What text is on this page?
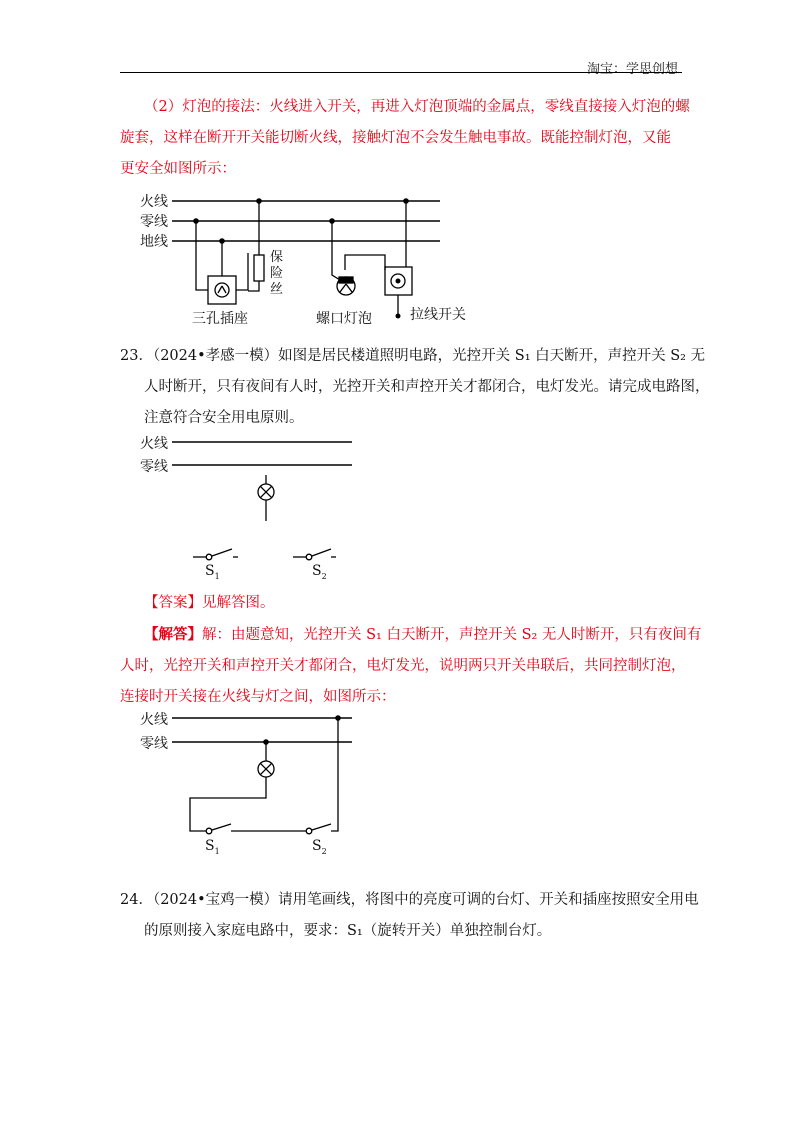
淘宝：学思创想
（2）灯泡的接法：火线进入开关，再进入灯泡顶端的金属点，零线直接接入灯泡的螺
旋套，这样在断开开关能切断火线，接触灯泡不会发生触电事故。既能控制灯泡，又能
更安全如图所示：
火线
零线
地线
保
险
丝
三孔插座	螺口灯泡	拉线开关
23．（2024•孝感一模）如图是居民楼道照明电路，光控开关 S₁ 白天断开，声控开关 S₂ 无
人时断开，只有夜间有人时，光控开关和声控开关才都闭合，电灯发光。请完成电路图，
注意符合安全用电原则。
火线
零线
$S_1$	$S_2$
【答案】见解答图。
【解答】解：由题意知，光控开关 S₁ 白天断开，声控开关 S₂ 无人时断开，只有夜间有
人时，光控开关和声控开关才都闭合，电灯发光，说明两只开关串联后，共同控制灯泡，
连接时开关接在火线与灯之间，如图所示：
火线
零线
$S_1$	$S_2$
24．（2024•宝鸡一模）请用笔画线，将图中的亮度可调的台灯、开关和插座按照安全用电
的原则接入家庭电路中，要求：S₁（旋转开关）单独控制台灯。
